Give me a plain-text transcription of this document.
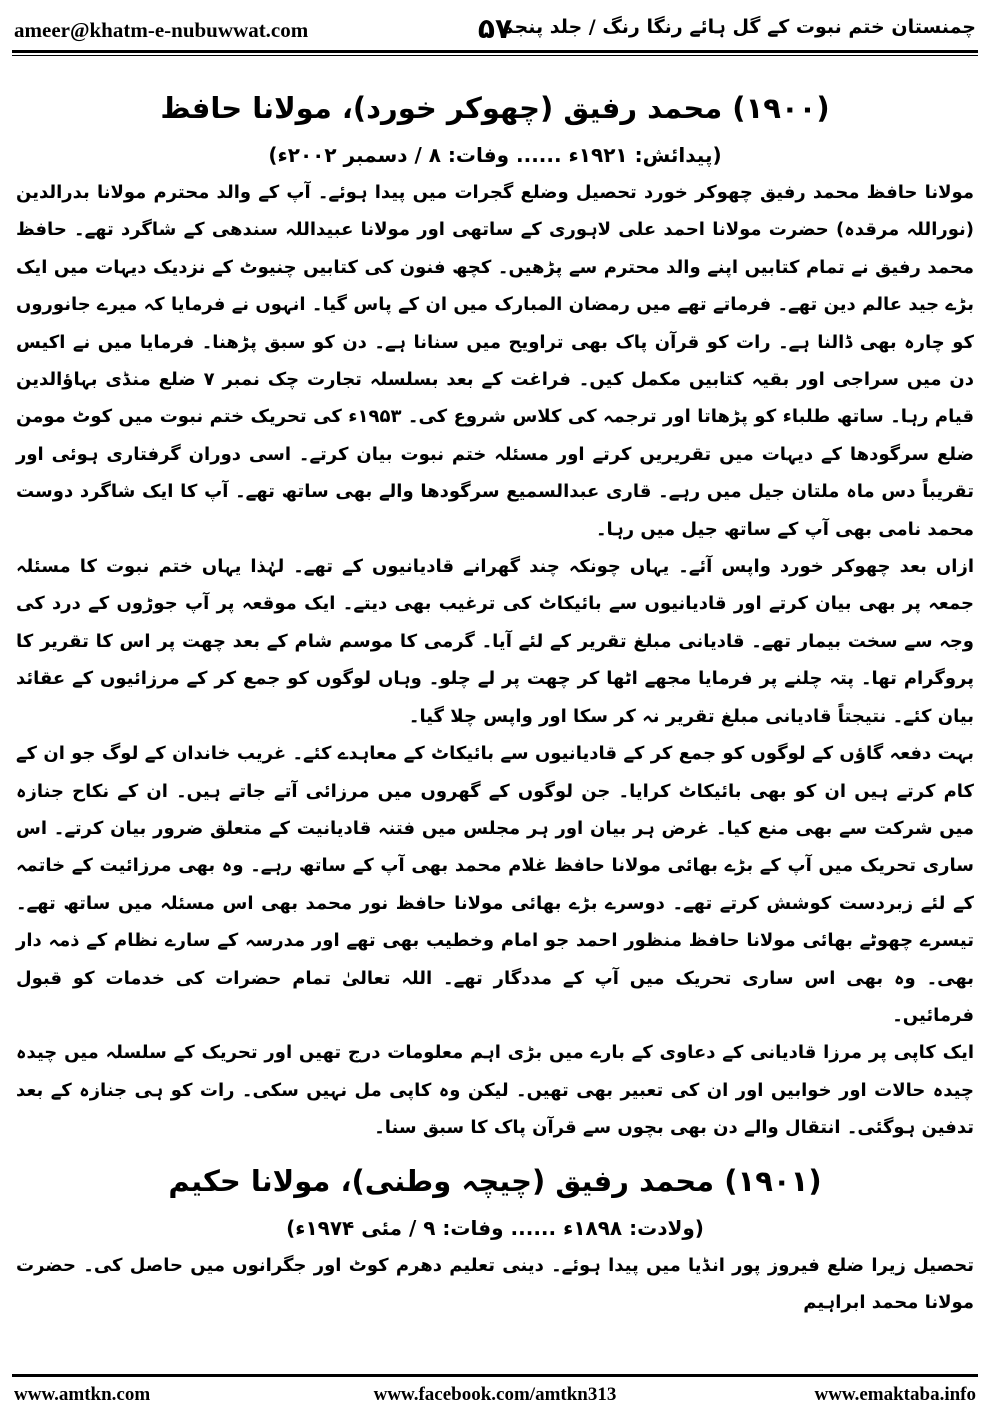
ameer@khatm-e-nubuwwat.com	۵۷
چمنستان ختم نبوت کے گل ہائے رنگا رنگ / جلد پنجم
(۱۹۰۰) محمد رفیق (چھوکر خورد)، مولانا حافظ
(پیدائش: ۱۹۲۱ء ...... وفات: ۸ / دسمبر ۲۰۰۲ء)

مولانا حافظ محمد رفیق چھوکر خورد تحصیل وضلع گجرات میں پیدا ہوئے۔ آپ کے والد محترم مولانا بدرالدین (نوراللہ مرقدہ) حضرت مولانا احمد علی لاہوری کے ساتھی اور مولانا عبیداللہ سندھی کے شاگرد تھے۔ حافظ محمد رفیق نے تمام کتابیں اپنے والد محترم سے پڑھیں۔ کچھ فنون کی کتابیں چنیوٹ کے نزدیک دیہات میں ایک بڑے جید عالم دین تھے۔ فرماتے تھے میں رمضان المبارک میں ان کے پاس گیا۔ انہوں نے فرمایا کہ میرے جانوروں کو چارہ بھی ڈالنا ہے۔ رات کو قرآن پاک بھی تراویح میں سنانا ہے۔ دن کو سبق پڑھنا۔ فرمایا میں نے اکیس دن میں سراجی اور بقیہ کتابیں مکمل کیں۔ فراغت کے بعد بسلسلہ تجارت چک نمبر ۷ ضلع منڈی بہاؤالدین قیام رہا۔ ساتھ طلباء کو پڑھاتا اور ترجمہ کی کلاس شروع کی۔ ۱۹۵۳ء کی تحریک ختم نبوت میں کوٹ مومن ضلع سرگودھا کے دیہات میں تقریریں کرتے اور مسئلہ ختم نبوت بیان کرتے۔ اسی دوران گرفتاری ہوئی اور تقریباً دس ماہ ملتان جیل میں رہے۔ قاری عبدالسمیع سرگودھا والے بھی ساتھ تھے۔ آپ کا ایک شاگرد دوست محمد نامی بھی آپ کے ساتھ جیل میں رہا۔

ازاں بعد چھوکر خورد واپس آئے۔ یہاں چونکہ چند گھرانے قادیانیوں کے تھے۔ لہٰذا یہاں ختم نبوت کا مسئلہ جمعہ پر بھی بیان کرتے اور قادیانیوں سے بائیکاٹ کی ترغیب بھی دیتے۔ ایک موقعہ پر آپ جوڑوں کے درد کی وجہ سے سخت بیمار تھے۔ قادیانی مبلغ تقریر کے لئے آیا۔ گرمی کا موسم شام کے بعد چھت پر اس کا تقریر کا پروگرام تھا۔ پتہ چلنے پر فرمایا مجھے اٹھا کر چھت پر لے چلو۔ وہاں لوگوں کو جمع کر کے مرزائیوں کے عقائد بیان کئے۔ نتیجتاً قادیانی مبلغ تقریر نہ کر سکا اور واپس چلا گیا۔

بہت دفعہ گاؤں کے لوگوں کو جمع کر کے قادیانیوں سے بائیکاٹ کے معاہدے کئے۔ غریب خاندان کے لوگ جو ان کے کام کرتے ہیں ان کو بھی بائیکاٹ کرایا۔ جن لوگوں کے گھروں میں مرزائی آتے جاتے ہیں۔ ان کے نکاح جنازہ میں شرکت سے بھی منع کیا۔ غرض ہر بیان اور ہر مجلس میں فتنہ قادیانیت کے متعلق ضرور بیان کرتے۔ اس ساری تحریک میں آپ کے بڑے بھائی مولانا حافظ غلام محمد بھی آپ کے ساتھ رہے۔ وہ بھی مرزائیت کے خاتمہ کے لئے زبردست کوشش کرتے تھے۔ دوسرے بڑے بھائی مولانا حافظ نور محمد بھی اس مسئلہ میں ساتھ تھے۔ تیسرے چھوٹے بھائی مولانا حافظ منظور احمد جو امام وخطیب بھی تھے اور مدرسہ کے سارے نظام کے ذمہ دار بھی۔ وہ بھی اس ساری تحریک میں آپ کے مددگار تھے۔ اللہ تعالیٰ تمام حضرات کی خدمات کو قبول فرمائیں۔

ایک کاپی پر مرزا قادیانی کے دعاوی کے بارے میں بڑی اہم معلومات درج تھیں اور تحریک کے سلسلہ میں چیدہ چیدہ حالات اور خوابیں اور ان کی تعبیر بھی تھیں۔ لیکن وہ کاپی مل نہیں سکی۔ رات کو ہی جنازہ کے بعد تدفین ہوگئی۔ انتقال والے دن بھی بچوں سے قرآن پاک کا سبق سنا۔

(۱۹۰۱) محمد رفیق (چیچہ وطنی)، مولانا حکیم
(ولادت: ۱۸۹۸ء ...... وفات: ۹ / مئی ۱۹۷۴ء)

تحصیل زیرا ضلع فیروز پور انڈیا میں پیدا ہوئے۔ دینی تعلیم دھرم کوٹ اور جگرانوں میں حاصل کی۔ حضرت مولانا محمد ابراہیم

www.amtkn.com	www.facebook.com/amtkn313	www.emaktaba.info
